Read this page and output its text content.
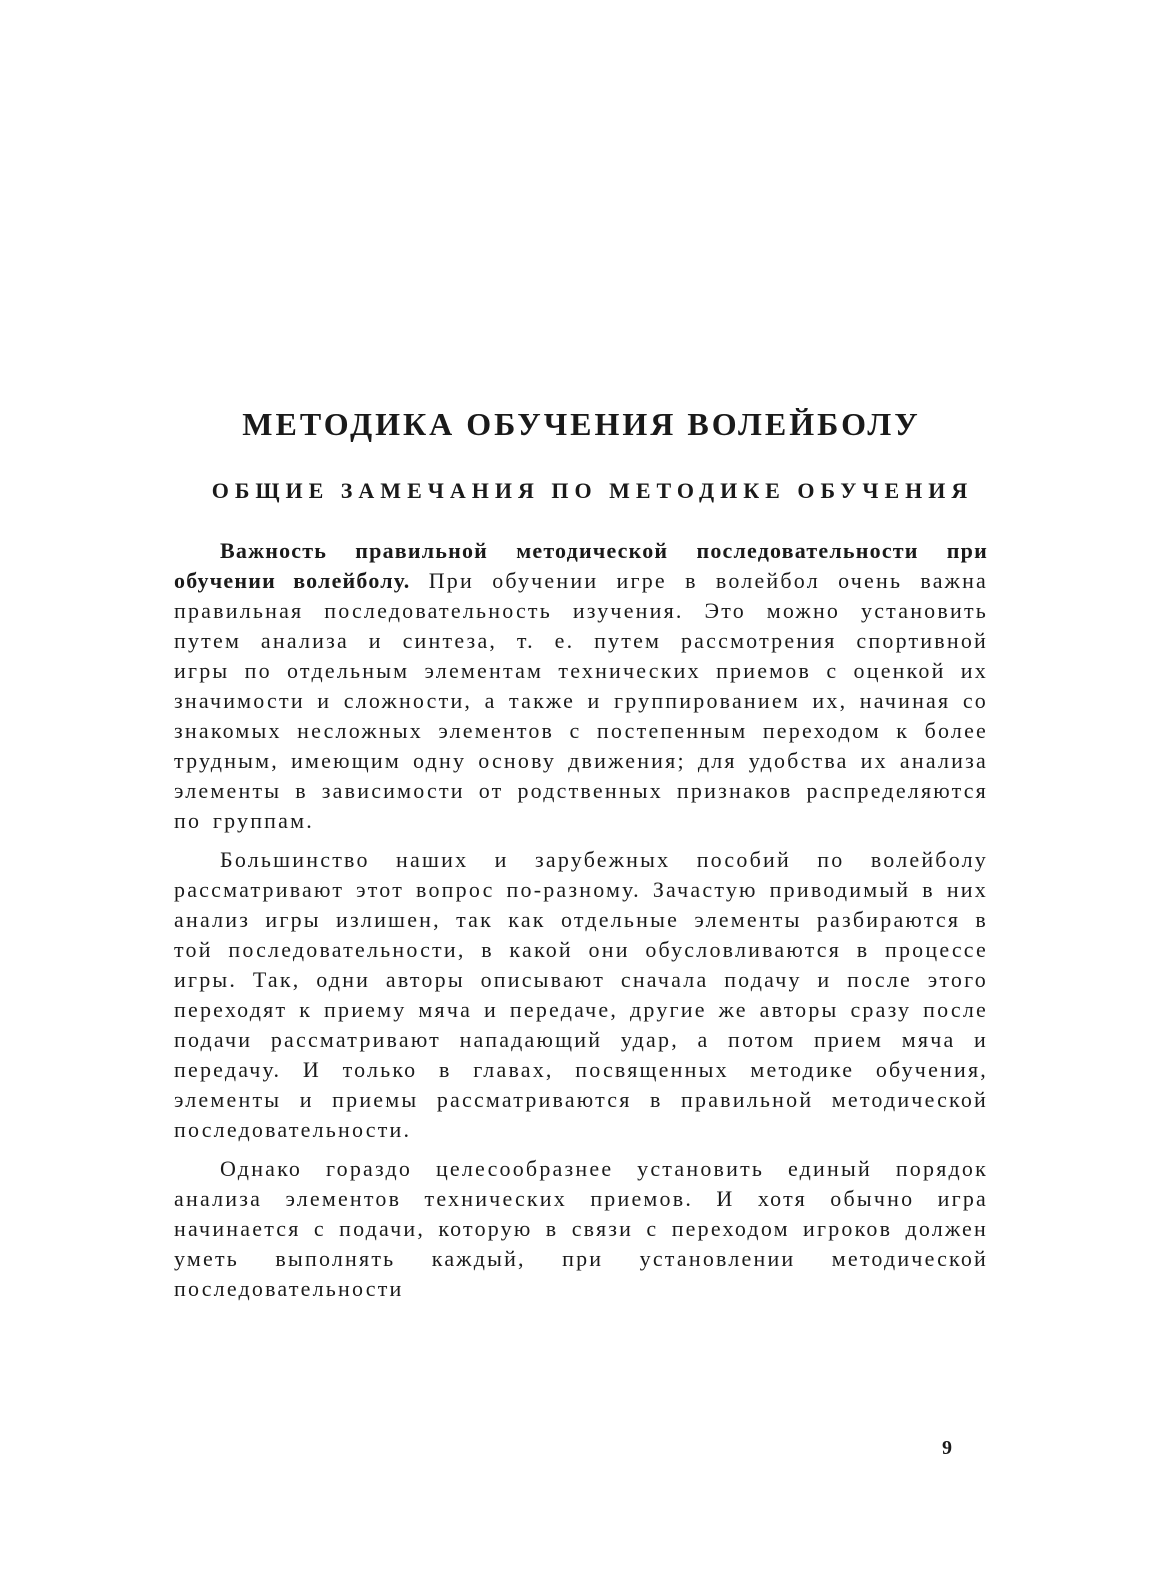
МЕТОДИКА ОБУЧЕНИЯ ВОЛЕЙБОЛУ
ОБЩИЕ ЗАМЕЧАНИЯ ПО МЕТОДИКЕ ОБУЧЕНИЯ

Важность правильной методической последовательности при обучении волейболу. При обучении игре в волейбол очень важна правильная последовательность изучения. Это можно установить путем анализа и синтеза, т. е. путем рассмотрения спортивной игры по отдельным элементам технических приемов с оценкой их значимости и сложности, а также и группированием их, начиная со знакомых несложных элементов с постепенным переходом к более трудным, имеющим одну основу движения; для удобства их анализа элементы в зависимости от родственных признаков распределяются по группам.

Большинство наших и зарубежных пособий по волейболу рассматривают этот вопрос по-разному. Зачастую приводимый в них анализ игры излишен, так как отдельные элементы разбираются в той последовательности, в какой они обусловливаются в процессе игры. Так, одни авторы описывают сначала подачу и после этого переходят к приему мяча и передаче, другие же авторы сразу после подачи рассматривают нападающий удар, а потом прием мяча и передачу. И только в главах, посвященных методике обучения, элементы и приемы рассматриваются в правильной методической последовательности.

Однако гораздо целесообразнее установить единый порядок анализа элементов технических приемов. И хотя обычно игра начинается с подачи, которую в связи с переходом игроков должен уметь выполнять каждый, при установлении методической последовательности

9
